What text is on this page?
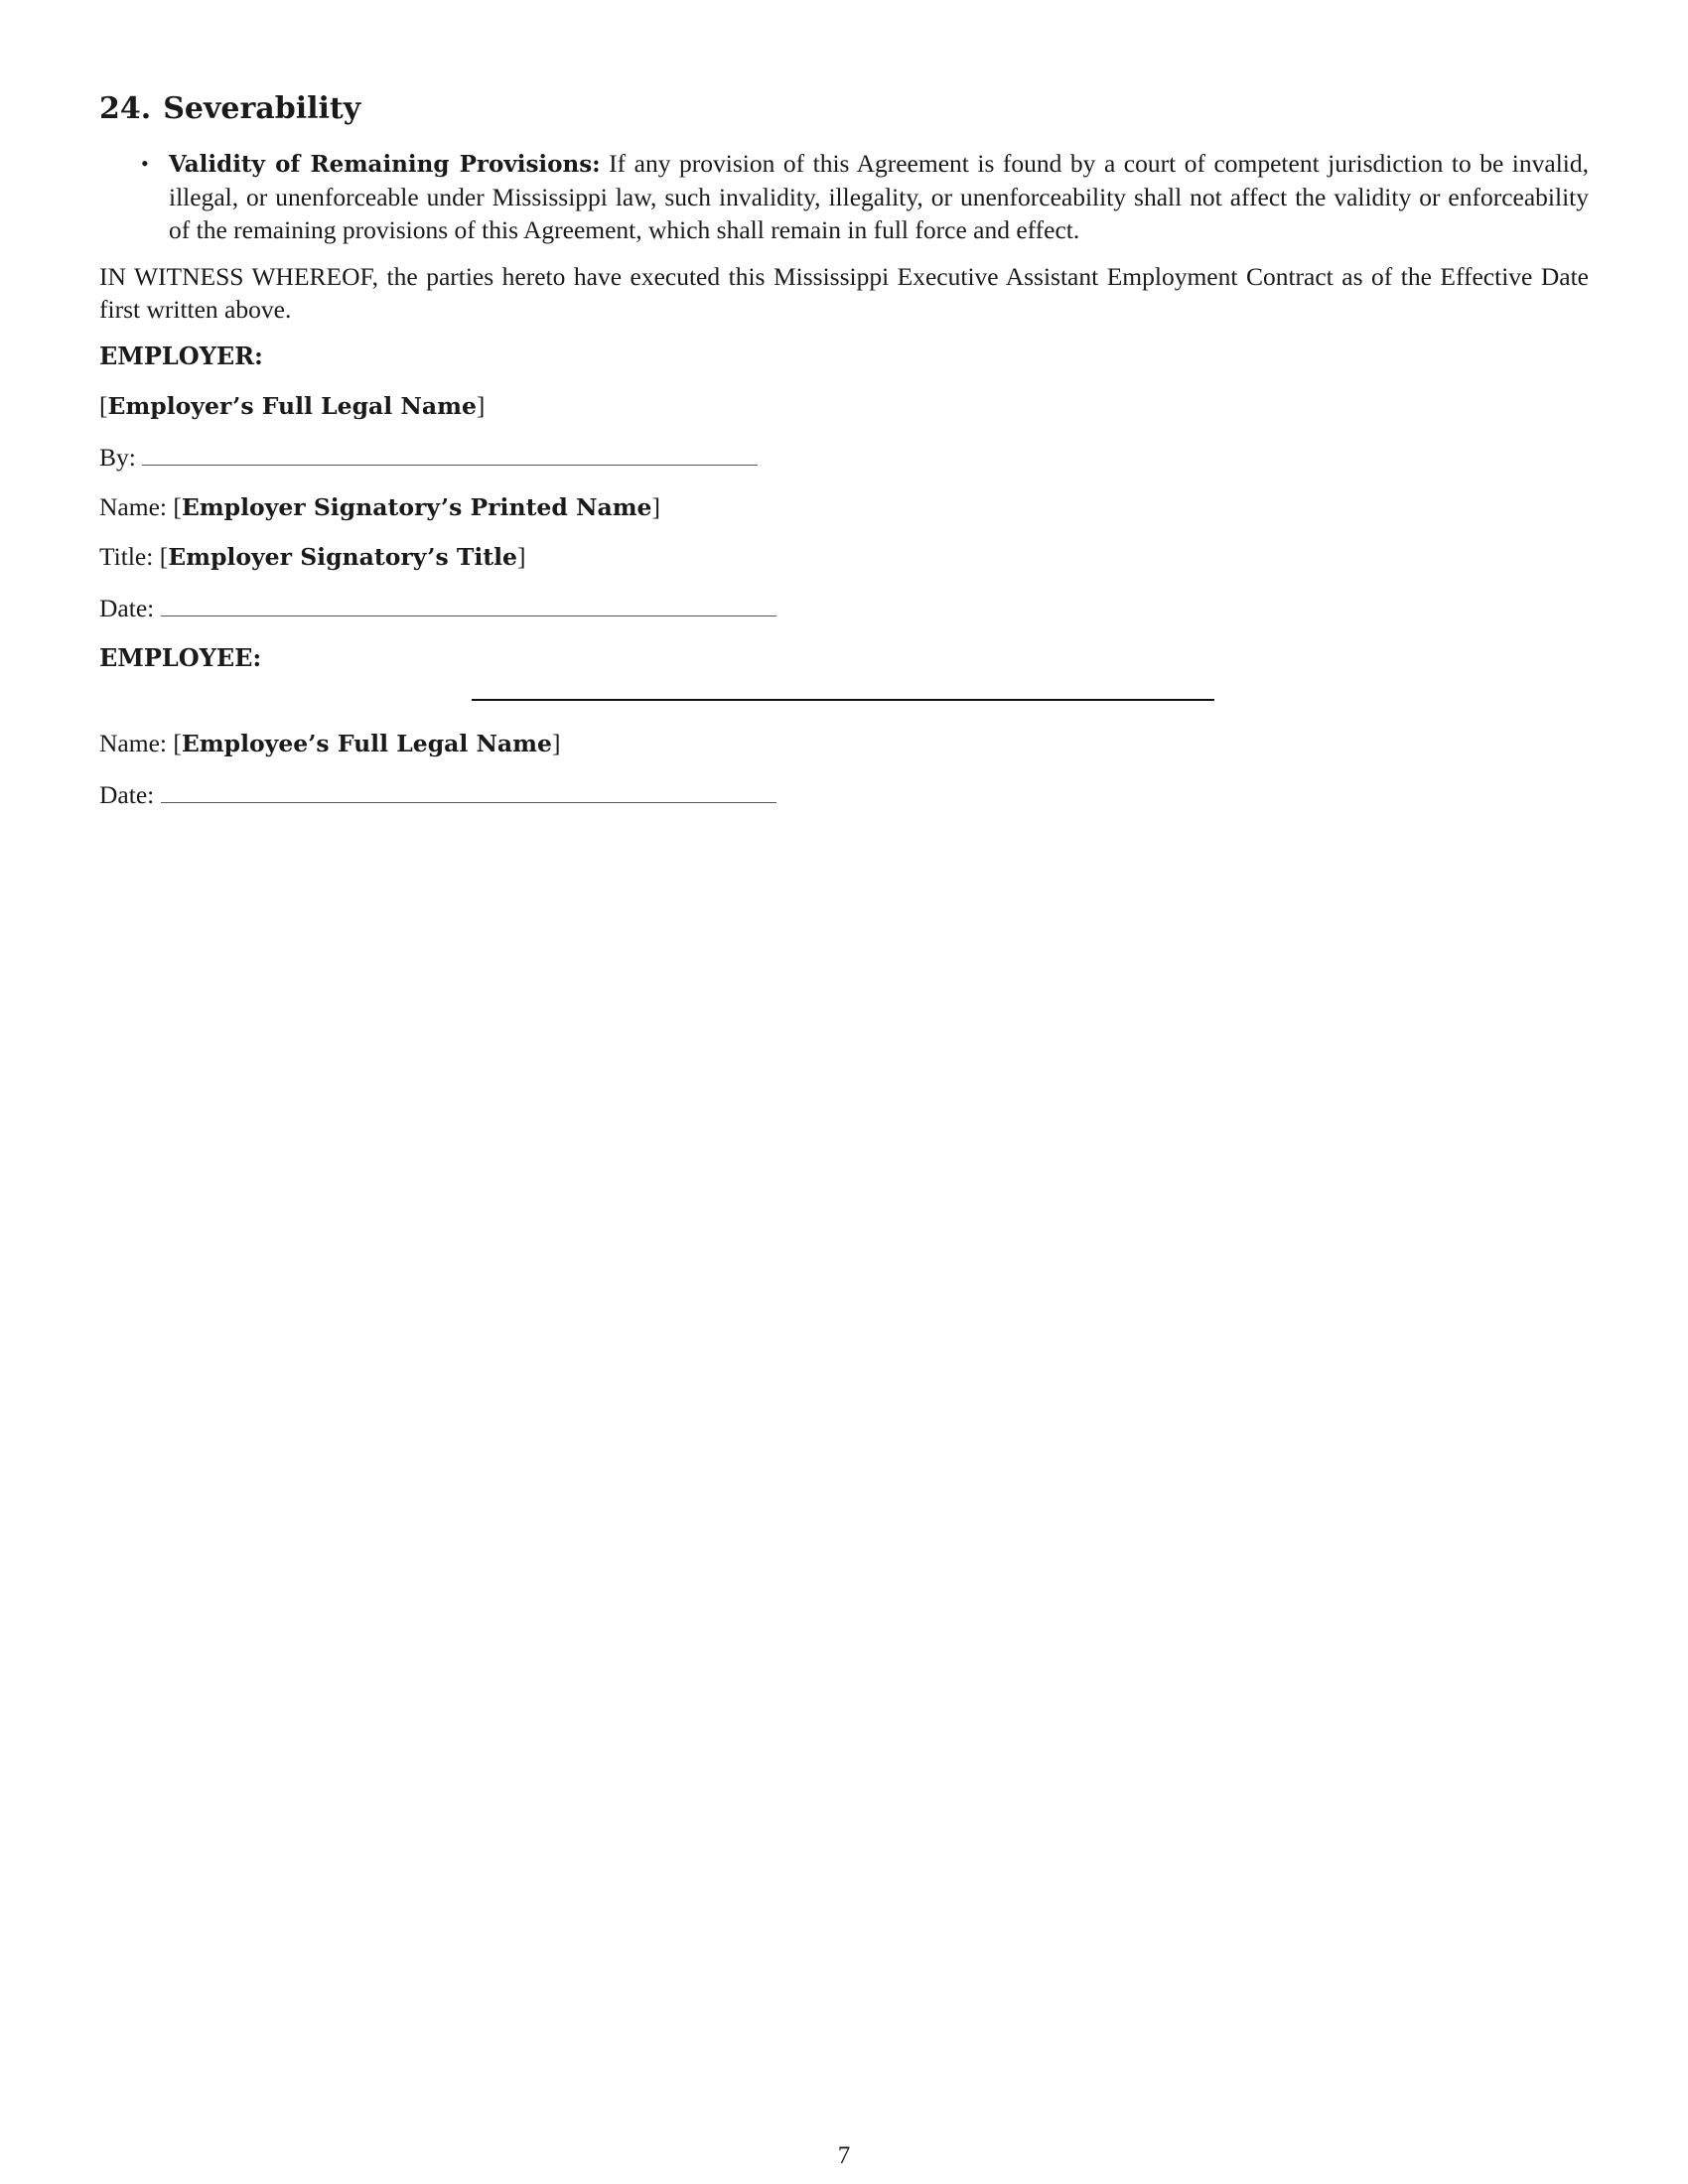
24. Severability
• Validity of Remaining Provisions: If any provision of this Agreement is found by a court of competent jurisdiction to be invalid, illegal, or unenforceable under Mississippi law, such invalidity, illegality, or unenforceability shall not affect the validity or enforceability of the remaining provisions of this Agreement, which shall remain in full force and effect.

IN WITNESS WHEREOF, the parties hereto have executed this Mississippi Executive Assistant Employment Contract as of the Effective Date first written above.

EMPLOYER:
[Employer’s Full Legal Name]
By:
Name: [Employer Signatory’s Printed Name]
Title: [Employer Signatory’s Title]
Date:
EMPLOYEE:
Name: [Employee’s Full Legal Name]
Date:
7
